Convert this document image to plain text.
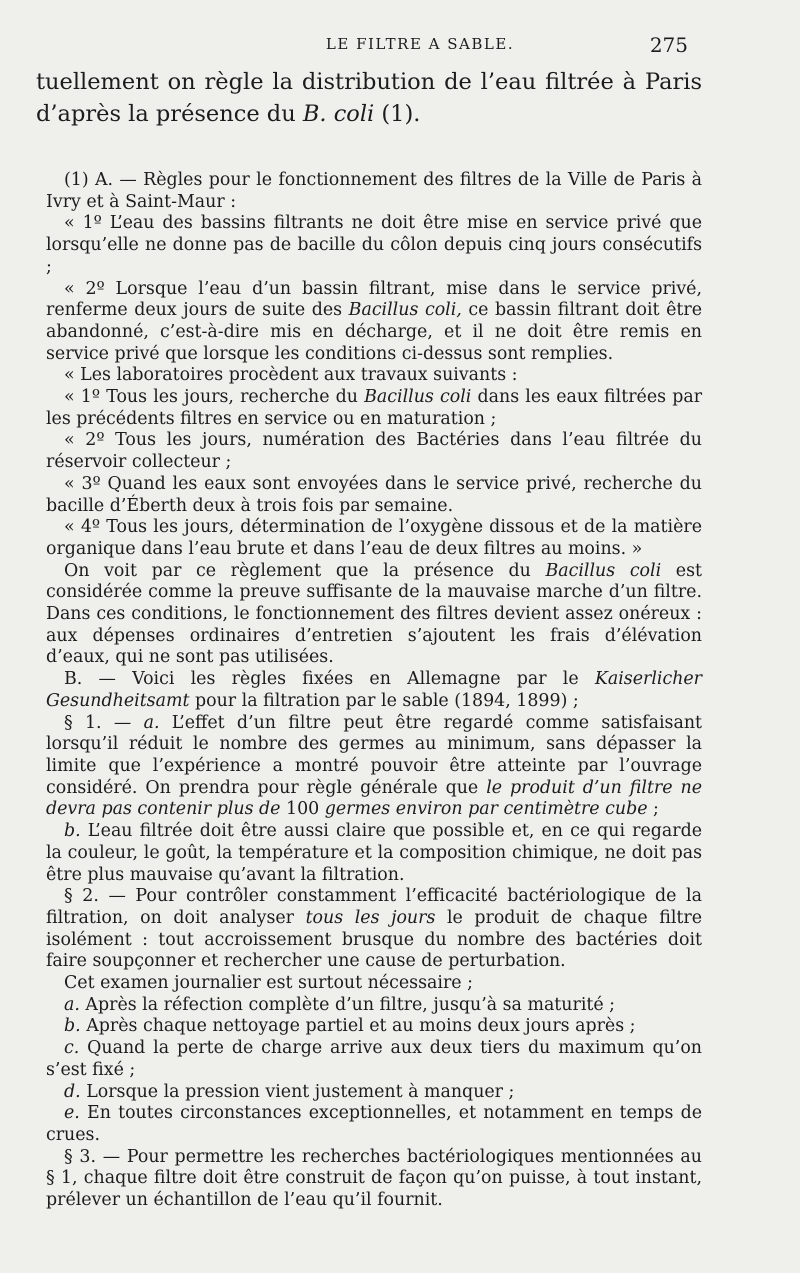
LE FILTRE A SABLE.	275

tuellement on règle la distribution de l’eau filtrée à Paris d’après la présence du B. coli (1).

(1) A. — Règles pour le fonctionnement des filtres de la Ville de Paris à Ivry et à Saint-Maur :

« 1º L’eau des bassins filtrants ne doit être mise en service privé que lorsqu’elle ne donne pas de bacille du côlon depuis cinq jours consécutifs ;

« 2º Lorsque l’eau d’un bassin filtrant, mise dans le service privé, renferme deux jours de suite des Bacillus coli, ce bassin filtrant doit être abandonné, c’est-à-dire mis en décharge, et il ne doit être remis en service privé que lorsque les conditions ci-dessus sont remplies.

« Les laboratoires procèdent aux travaux suivants :

« 1º Tous les jours, recherche du Bacillus coli dans les eaux filtrées par les précédents filtres en service ou en maturation ;

« 2º Tous les jours, numération des Bactéries dans l’eau filtrée du réservoir collecteur ;

« 3º Quand les eaux sont envoyées dans le service privé, recherche du bacille d’Éberth deux à trois fois par semaine.

« 4º Tous les jours, détermination de l’oxygène dissous et de la matière organique dans l’eau brute et dans l’eau de deux filtres au moins. »

On voit par ce règlement que la présence du Bacillus coli est considérée comme la preuve suffisante de la mauvaise marche d’un filtre. Dans ces conditions, le fonctionnement des filtres devient assez onéreux : aux dépenses ordinaires d’entretien s’ajoutent les frais d’élévation d’eaux, qui ne sont pas utilisées.

B. — Voici les règles fixées en Allemagne par le Kaiserlicher Gesundheitsamt pour la filtration par le sable (1894, 1899) ;

§ 1. — a. L’effet d’un filtre peut être regardé comme satisfaisant lorsqu’il réduit le nombre des germes au minimum, sans dépasser la limite que l’expérience a montré pouvoir être atteinte par l’ouvrage considéré. On prendra pour règle générale que le produit d’un filtre ne devra pas contenir plus de 100 germes environ par centimètre cube ;

b. L’eau filtrée doit être aussi claire que possible et, en ce qui regarde la couleur, le goût, la température et la composition chimique, ne doit pas être plus mauvaise qu’avant la filtration.

§ 2. — Pour contrôler constamment l’efficacité bactériologique de la filtration, on doit analyser tous les jours le produit de chaque filtre isolément : tout accroissement brusque du nombre des bactéries doit faire soupçonner et rechercher une cause de perturbation.

Cet examen journalier est surtout nécessaire ;

a. Après la réfection complète d’un filtre, jusqu’à sa maturité ;

b. Après chaque nettoyage partiel et au moins deux jours après ;

c. Quand la perte de charge arrive aux deux tiers du maximum qu’on s’est fixé ;

d. Lorsque la pression vient justement à manquer ;

e. En toutes circonstances exceptionnelles, et notamment en temps de crues.

§ 3. — Pour permettre les recherches bactériologiques mentionnées au § 1, chaque filtre doit être construit de façon qu’on puisse, à tout instant, prélever un échantillon de l’eau qu’il fournit.
